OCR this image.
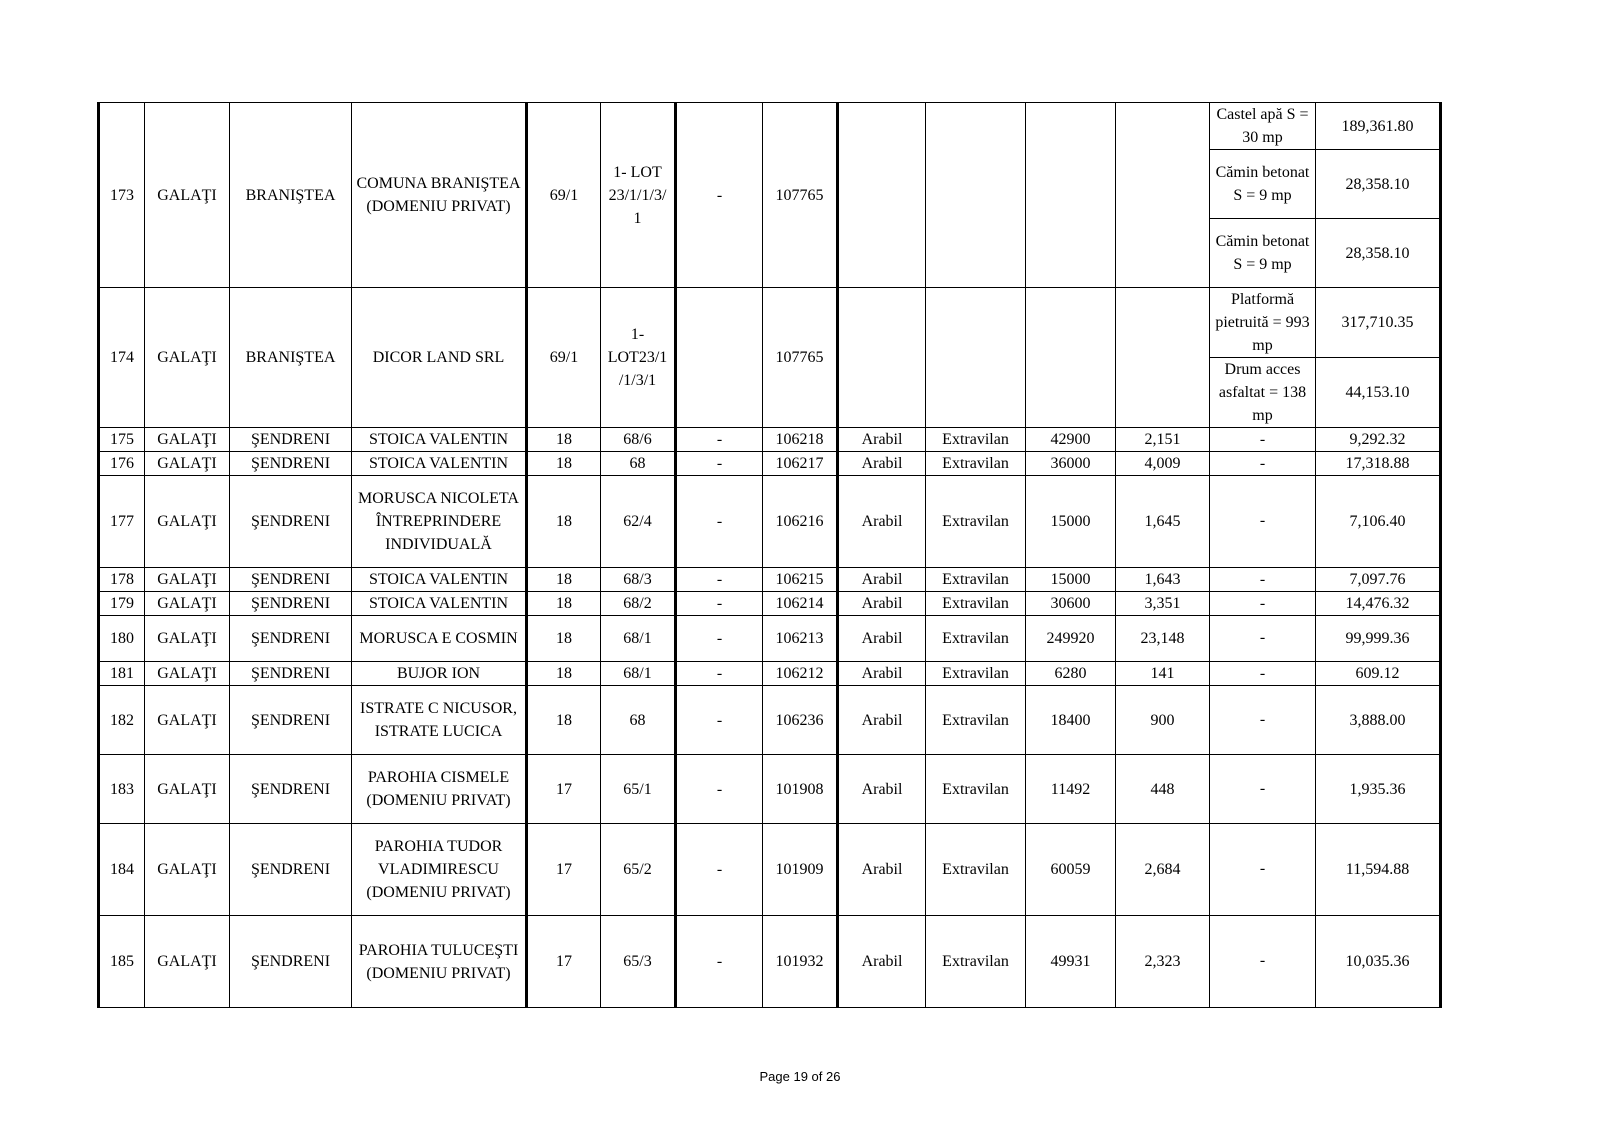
173	GALAŢI	BRANIŞTEA	COMUNA BRANIŞTEA (DOMENIU PRIVAT)	69/1	1- LOT 23/1/1/3/ 1	-	107765					Castel apă S = 30 mp	189,361.80
												Cămin betonat S = 9 mp	28,358.10
												Cămin betonat S = 9 mp	28,358.10
174	GALAŢI	BRANIŞTEA	DICOR LAND SRL	69/1	1- LOT23/1 /1/3/1		107765					Platformă pietruită = 993 mp	317,710.35
												Drum acces asfaltat = 138 mp	44,153.10
175	GALAŢI	ŞENDRENI	STOICA VALENTIN	18	68/6	-	106218	Arabil	Extravilan	42900	2,151	-	9,292.32
176	GALAŢI	ŞENDRENI	STOICA VALENTIN	18	68	-	106217	Arabil	Extravilan	36000	4,009	-	17,318.88
177	GALAŢI	ŞENDRENI	MORUSCA NICOLETA ÎNTREPRINDERE INDIVIDUALĂ	18	62/4	-	106216	Arabil	Extravilan	15000	1,645	-	7,106.40
178	GALAŢI	ŞENDRENI	STOICA VALENTIN	18	68/3	-	106215	Arabil	Extravilan	15000	1,643	-	7,097.76
179	GALAŢI	ŞENDRENI	STOICA VALENTIN	18	68/2	-	106214	Arabil	Extravilan	30600	3,351	-	14,476.32
180	GALAŢI	ŞENDRENI	MORUSCA E COSMIN	18	68/1	-	106213	Arabil	Extravilan	249920	23,148	-	99,999.36
181	GALAŢI	ŞENDRENI	BUJOR ION	18	68/1	-	106212	Arabil	Extravilan	6280	141	-	609.12
182	GALAŢI	ŞENDRENI	ISTRATE C NICUSOR, ISTRATE LUCICA	18	68	-	106236	Arabil	Extravilan	18400	900	-	3,888.00
183	GALAŢI	ŞENDRENI	PAROHIA CISMELE (DOMENIU PRIVAT)	17	65/1	-	101908	Arabil	Extravilan	11492	448	-	1,935.36
184	GALAŢI	ŞENDRENI	PAROHIA TUDOR VLADIMIRESCU (DOMENIU PRIVAT)	17	65/2	-	101909	Arabil	Extravilan	60059	2,684	-	11,594.88
185	GALAŢI	ŞENDRENI	PAROHIA TULUCEŞTI (DOMENIU PRIVAT)	17	65/3	-	101932	Arabil	Extravilan	49931	2,323	-	10,035.36
Page 19 of 26
